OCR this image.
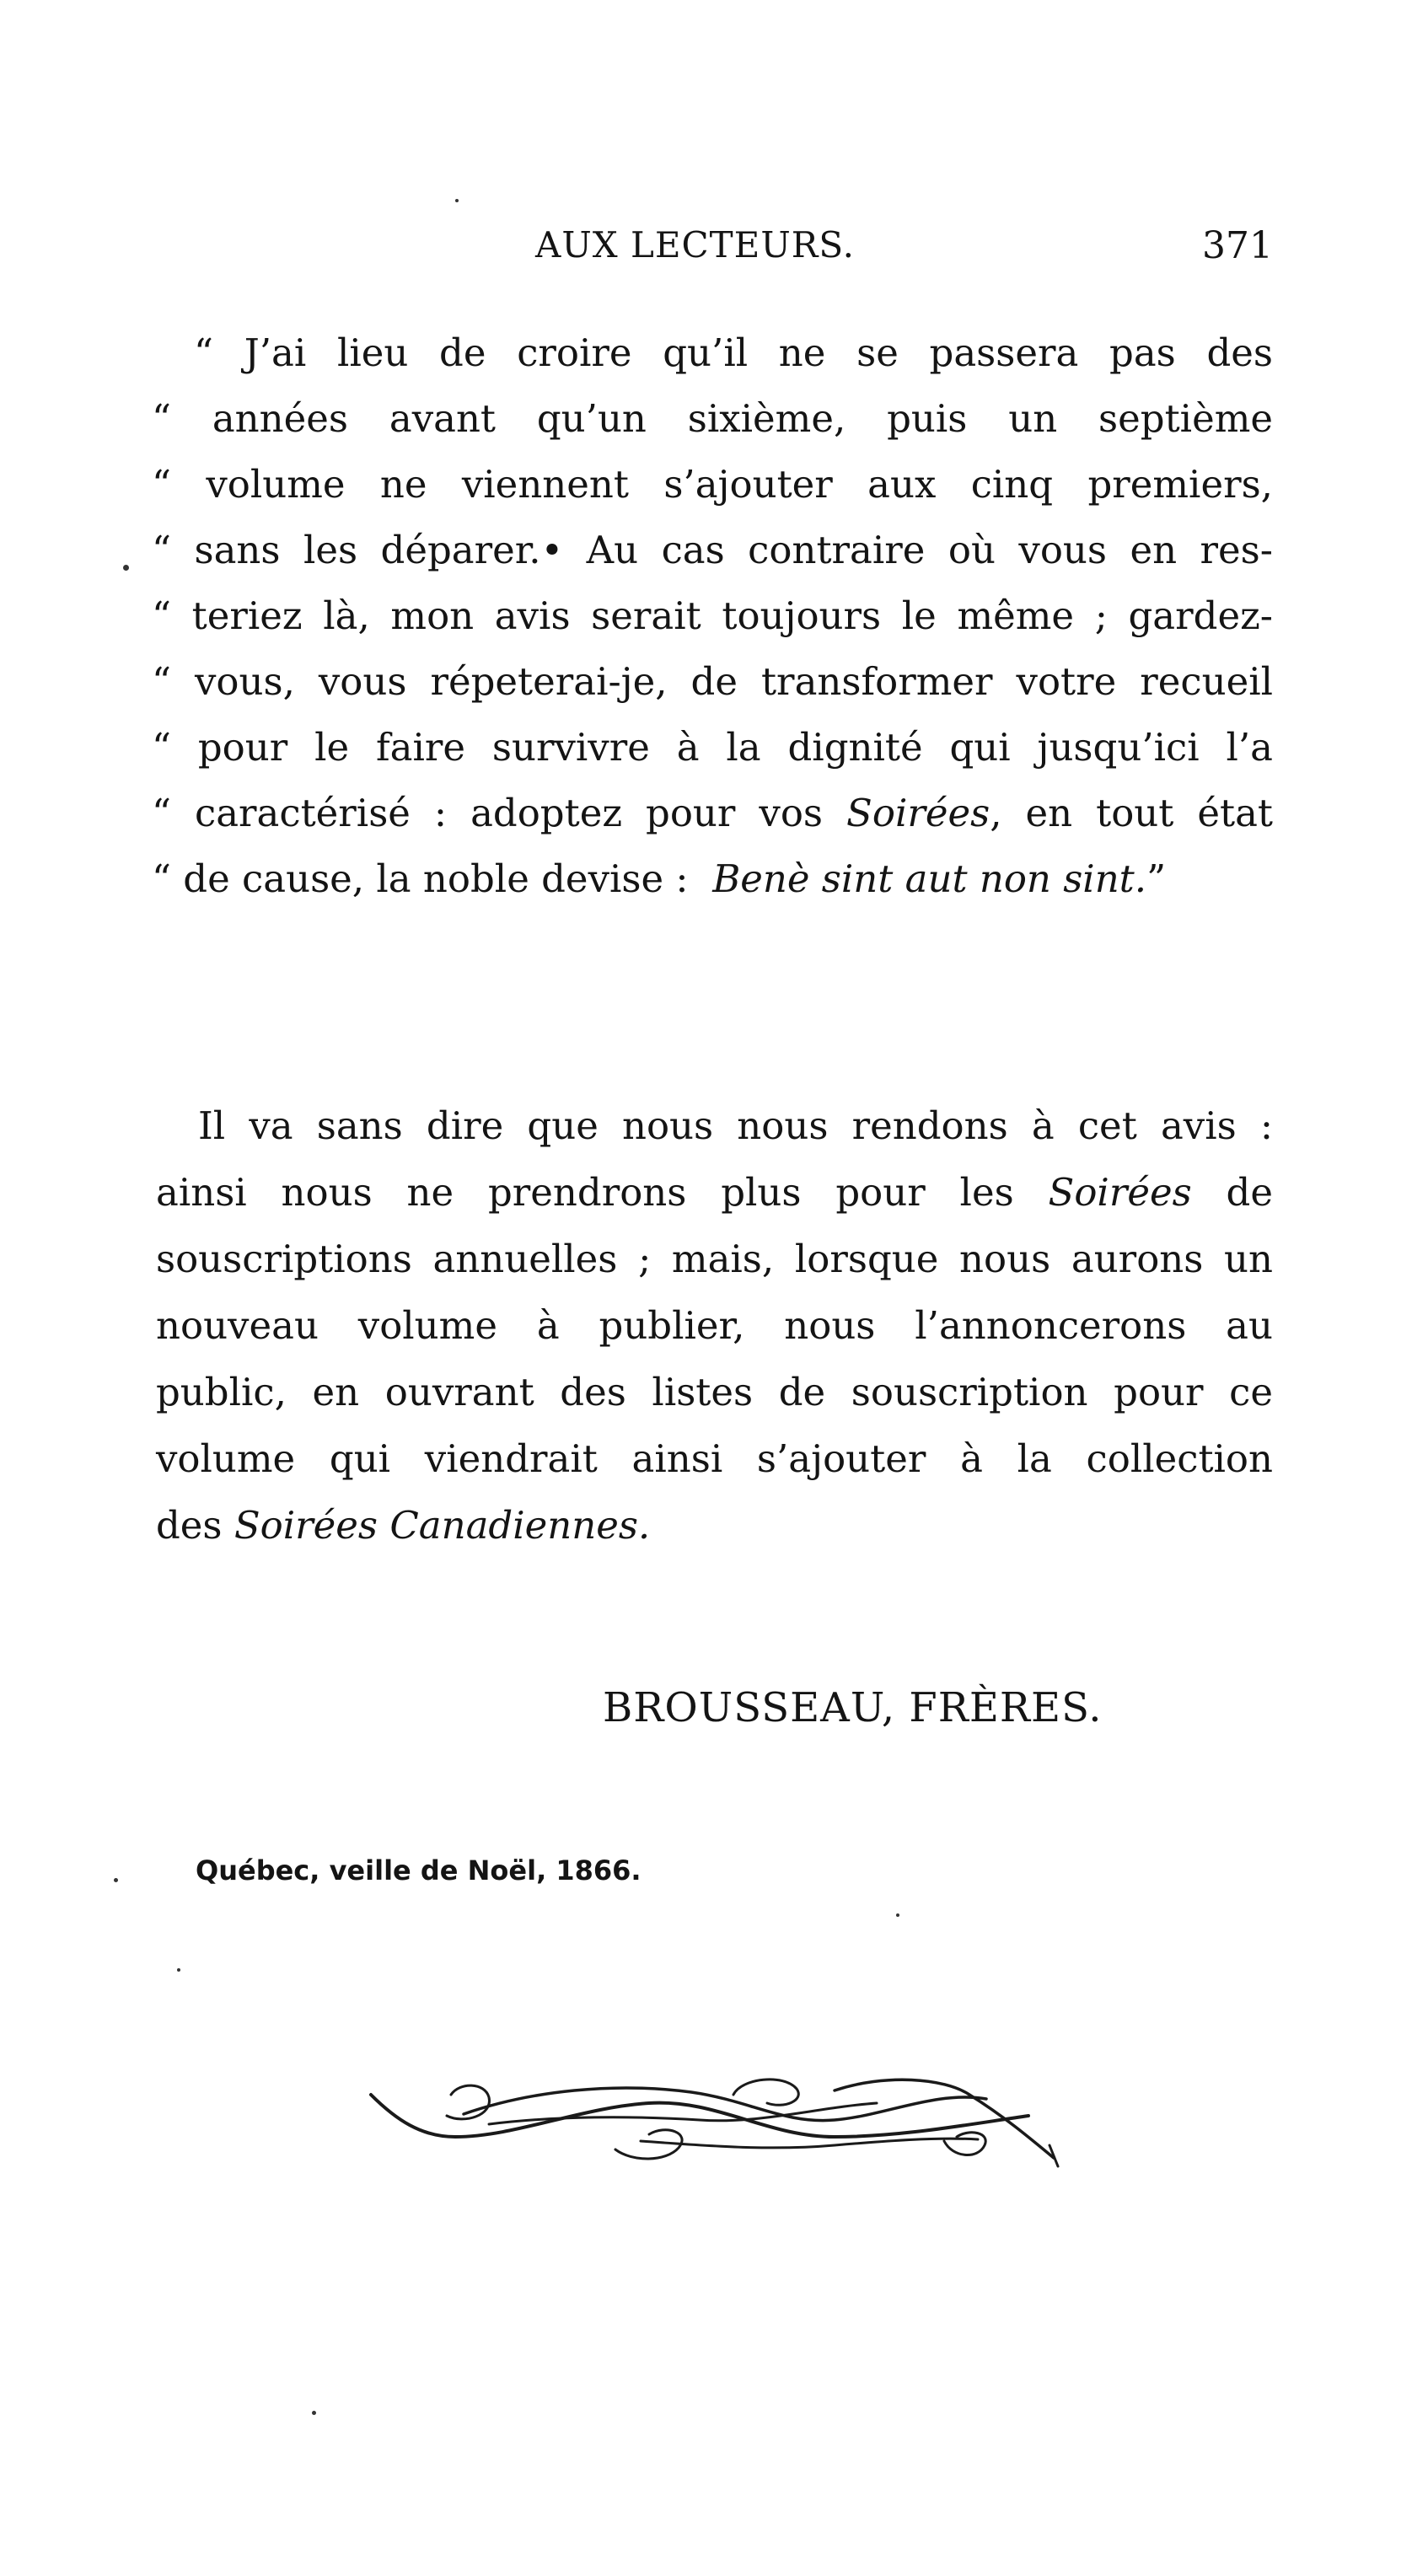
AUX LECTEURS.	371
“ J’ai lieu de croire qu’il ne se passera pas des
“ années avant qu’un sixième, puis un septième
“ volume ne viennent s’ajouter aux cinq premiers,
“ sans les déparer.• Au cas contraire où vous en res-
“ teriez là, mon avis serait toujours le même ; gardez-
“ vous, vous répeterai-je, de transformer votre recueil
“ pour le faire survivre à la dignité qui jusqu’ici l’a
“ caractérisé : adoptez pour vos Soirées, en tout état
“ de cause, la noble devise : Benè sint aut non sint.”
Il va sans dire que nous nous rendons à cet avis :
ainsi nous ne prendrons plus pour les Soirées de
souscriptions annuelles ; mais, lorsque nous aurons un
nouveau volume à publier, nous l’annoncerons au
public, en ouvrant des listes de souscription pour ce
volume qui viendrait ainsi s’ajouter à la collection
des Soirées Canadiennes.
BROUSSEAU, FRÈRES.
Québec, veille de Noël, 1866.
